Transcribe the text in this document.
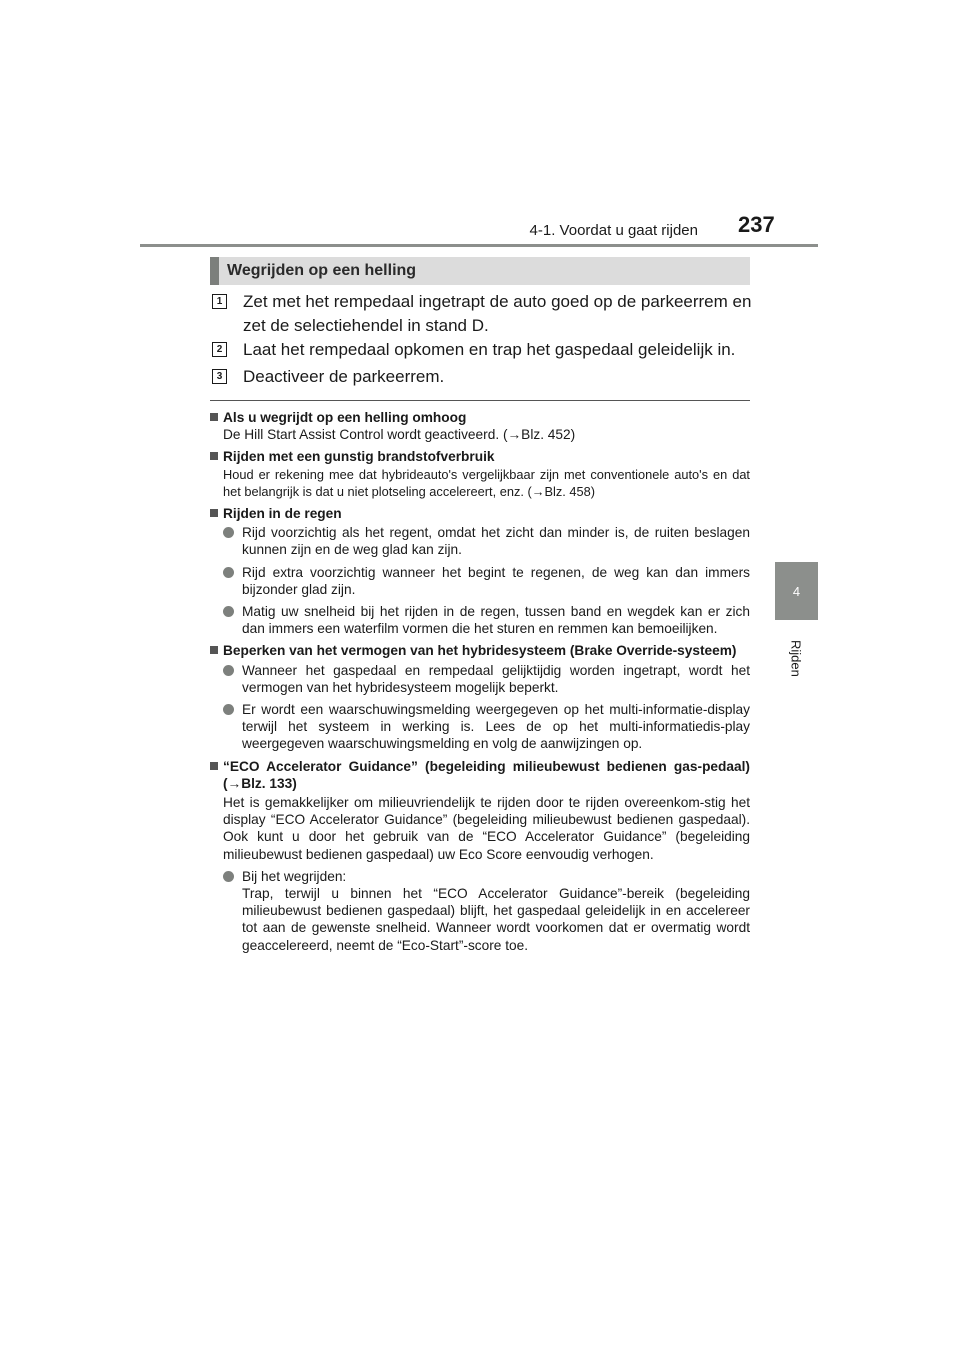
4-1. Voordat u gaat rijden 237
4
Rijden
Wegrijden op een helling
1 Zet met het rempedaal ingetrapt de auto goed op de parkeerrem en zet de selectiehendel in stand D.
2 Laat het rempedaal opkomen en trap het gaspedaal geleidelijk in.
3 Deactiveer de parkeerrem.
Als u wegrijdt op een helling omhoog
De Hill Start Assist Control wordt geactiveerd. (→Blz. 452)
Rijden met een gunstig brandstofverbruik
Houd er rekening mee dat hybrideauto's vergelijkbaar zijn met conventionele auto's en dat het belangrijk is dat u niet plotseling accelereert, enz. (→Blz. 458)
Rijden in de regen
Rijd voorzichtig als het regent, omdat het zicht dan minder is, de ruiten beslagen kunnen zijn en de weg glad kan zijn.
Rijd extra voorzichtig wanneer het begint te regenen, de weg kan dan immers bijzonder glad zijn.
Matig uw snelheid bij het rijden in de regen, tussen band en wegdek kan er zich dan immers een waterfilm vormen die het sturen en remmen kan bemoeilijken.
Beperken van het vermogen van het hybridesysteem (Brake Override-systeem)
Wanneer het gaspedaal en rempedaal gelijktijdig worden ingetrapt, wordt het vermogen van het hybridesysteem mogelijk beperkt.
Er wordt een waarschuwingsmelding weergegeven op het multi-informatie-display terwijl het systeem in werking is. Lees de op het multi-informatiedis-play weergegeven waarschuwingsmelding en volg de aanwijzingen op.
“ECO Accelerator Guidance” (begeleiding milieubewust bedienen gas-pedaal) (→Blz. 133)
Het is gemakkelijker om milieuvriendelijk te rijden door te rijden overeenkom-stig het display “ECO Accelerator Guidance” (begeleiding milieubewust bedienen gaspedaal). Ook kunt u door het gebruik van de “ECO Accelerator Guidance” (begeleiding milieubewust bedienen gaspedaal) uw Eco Score eenvoudig verhogen.
Bij het wegrijden:
Trap, terwijl u binnen het “ECO Accelerator Guidance”-bereik (begeleiding milieubewust bedienen gaspedaal) blijft, het gaspedaal geleidelijk in en accelereer tot aan de gewenste snelheid. Wanneer wordt voorkomen dat er overmatig wordt geaccelereerd, neemt de “Eco-Start”-score toe.
